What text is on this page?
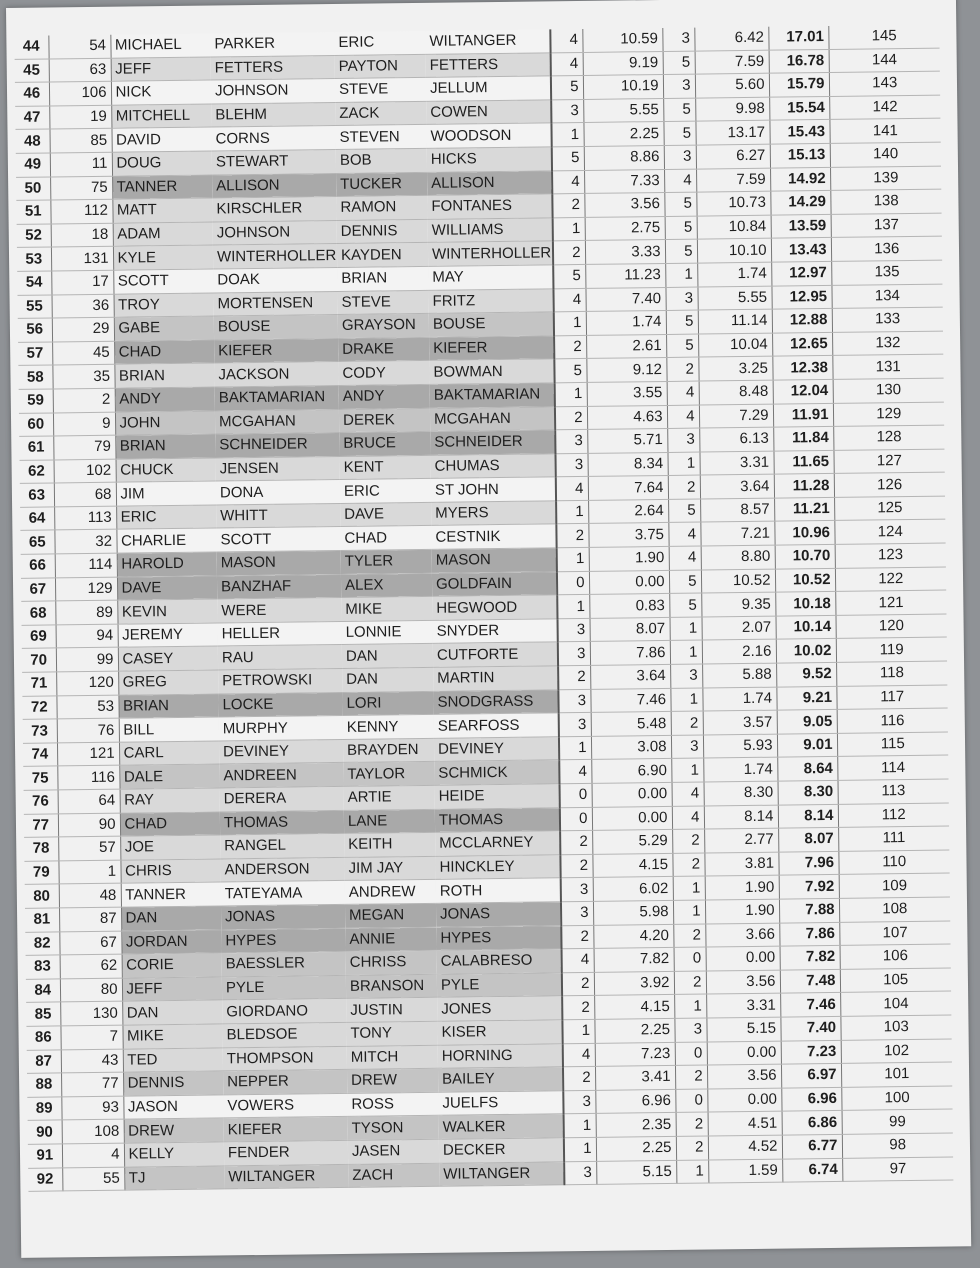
44	54	MICHAEL	PARKER	ERIC	WILTANGER	4	10.59	3	6.42	17.01	145
45	63	JEFF	FETTERS	PAYTON	FETTERS	4	9.19	5	7.59	16.78	144
46	106	NICK	JOHNSON	STEVE	JELLUM	5	10.19	3	5.60	15.79	143
47	19	MITCHELL	BLEHM	ZACK	COWEN	3	5.55	5	9.98	15.54	142
48	85	DAVID	CORNS	STEVEN	WOODSON	1	2.25	5	13.17	15.43	141
49	11	DOUG	STEWART	BOB	HICKS	5	8.86	3	6.27	15.13	140
50	75	TANNER	ALLISON	TUCKER	ALLISON	4	7.33	4	7.59	14.92	139
51	112	MATT	KIRSCHLER	RAMON	FONTANES	2	3.56	5	10.73	14.29	138
52	18	ADAM	JOHNSON	DENNIS	WILLIAMS	1	2.75	5	10.84	13.59	137
53	131	KYLE	WINTERHOLLER	KAYDEN	WINTERHOLLER	2	3.33	5	10.10	13.43	136
54	17	SCOTT	DOAK	BRIAN	MAY	5	11.23	1	1.74	12.97	135
55	36	TROY	MORTENSEN	STEVE	FRITZ	4	7.40	3	5.55	12.95	134
56	29	GABE	BOUSE	GRAYSON	BOUSE	1	1.74	5	11.14	12.88	133
57	45	CHAD	KIEFER	DRAKE	KIEFER	2	2.61	5	10.04	12.65	132
58	35	BRIAN	JACKSON	CODY	BOWMAN	5	9.12	2	3.25	12.38	131
59	2	ANDY	BAKTAMARIAN	ANDY	BAKTAMARIAN	1	3.55	4	8.48	12.04	130
60	9	JOHN	MCGAHAN	DEREK	MCGAHAN	2	4.63	4	7.29	11.91	129
61	79	BRIAN	SCHNEIDER	BRUCE	SCHNEIDER	3	5.71	3	6.13	11.84	128
62	102	CHUCK	JENSEN	KENT	CHUMAS	3	8.34	1	3.31	11.65	127
63	68	JIM	DONA	ERIC	ST JOHN	4	7.64	2	3.64	11.28	126
64	113	ERIC	WHITT	DAVE	MYERS	1	2.64	5	8.57	11.21	125
65	32	CHARLIE	SCOTT	CHAD	CESTNIK	2	3.75	4	7.21	10.96	124
66	114	HAROLD	MASON	TYLER	MASON	1	1.90	4	8.80	10.70	123
67	129	DAVE	BANZHAF	ALEX	GOLDFAIN	0	0.00	5	10.52	10.52	122
68	89	KEVIN	WERE	MIKE	HEGWOOD	1	0.83	5	9.35	10.18	121
69	94	JEREMY	HELLER	LONNIE	SNYDER	3	8.07	1	2.07	10.14	120
70	99	CASEY	RAU	DAN	CUTFORTE	3	7.86	1	2.16	10.02	119
71	120	GREG	PETROWSKI	DAN	MARTIN	2	3.64	3	5.88	9.52	118
72	53	BRIAN	LOCKE	LORI	SNODGRASS	3	7.46	1	1.74	9.21	117
73	76	BILL	MURPHY	KENNY	SEARFOSS	3	5.48	2	3.57	9.05	116
74	121	CARL	DEVINEY	BRAYDEN	DEVINEY	1	3.08	3	5.93	9.01	115
75	116	DALE	ANDREEN	TAYLOR	SCHMICK	4	6.90	1	1.74	8.64	114
76	64	RAY	DERERA	ARTIE	HEIDE	0	0.00	4	8.30	8.30	113
77	90	CHAD	THOMAS	LANE	THOMAS	0	0.00	4	8.14	8.14	112
78	57	JOE	RANGEL	KEITH	MCCLARNEY	2	5.29	2	2.77	8.07	111
79	1	CHRIS	ANDERSON	JIM JAY	HINCKLEY	2	4.15	2	3.81	7.96	110
80	48	TANNER	TATEYAMA	ANDREW	ROTH	3	6.02	1	1.90	7.92	109
81	87	DAN	JONAS	MEGAN	JONAS	3	5.98	1	1.90	7.88	108
82	67	JORDAN	HYPES	ANNIE	HYPES	2	4.20	2	3.66	7.86	107
83	62	CORIE	BAESSLER	CHRISS	CALABRESO	4	7.82	0	0.00	7.82	106
84	80	JEFF	PYLE	BRANSON	PYLE	2	3.92	2	3.56	7.48	105
85	130	DAN	GIORDANO	JUSTIN	JONES	2	4.15	1	3.31	7.46	104
86	7	MIKE	BLEDSOE	TONY	KISER	1	2.25	3	5.15	7.40	103
87	43	TED	THOMPSON	MITCH	HORNING	4	7.23	0	0.00	7.23	102
88	77	DENNIS	NEPPER	DREW	BAILEY	2	3.41	2	3.56	6.97	101
89	93	JASON	VOWERS	ROSS	JUELFS	3	6.96	0	0.00	6.96	100
90	108	DREW	KIEFER	TYSON	WALKER	1	2.35	2	4.51	6.86	99
91	4	KELLY	FENDER	JASEN	DECKER	1	2.25	2	4.52	6.77	98
92	55	TJ	WILTANGER	ZACH	WILTANGER	3	5.15	1	1.59	6.74	97
